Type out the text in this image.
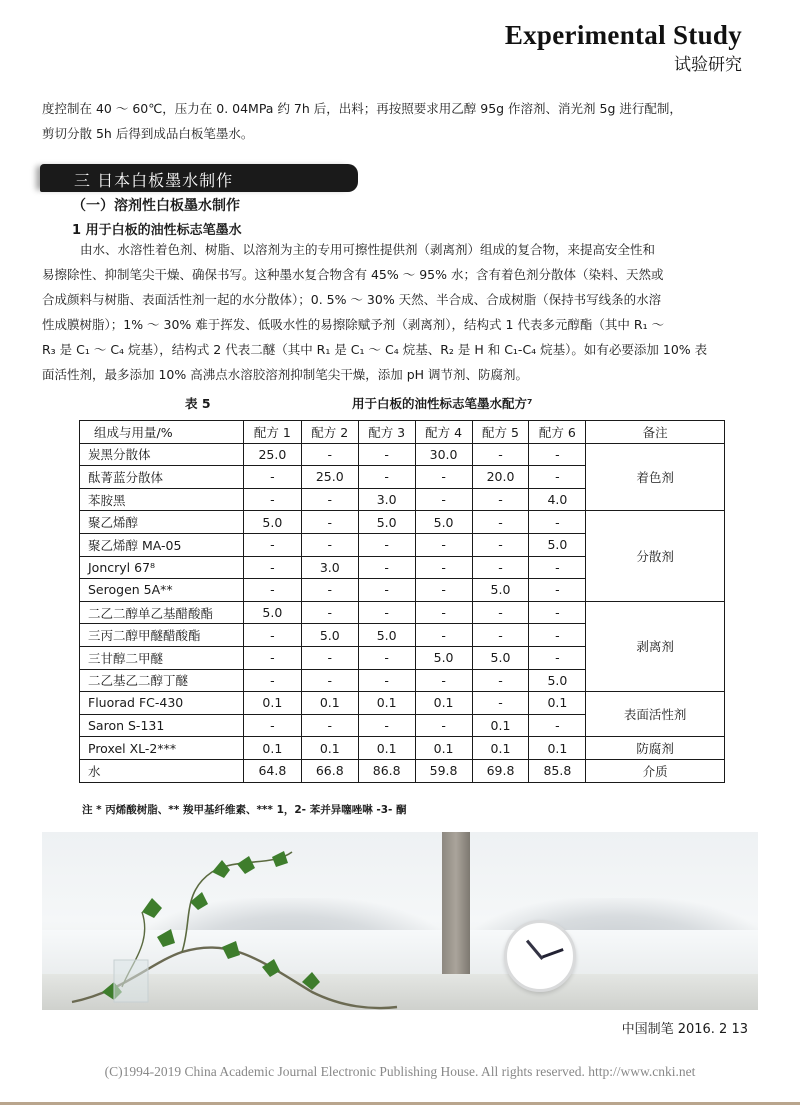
Experimental Study
试验研究
度控制在 40 ～ 60℃，压力在 0. 04MPa 约 7h 后，出料；再按照要求用乙醇 95g 作溶剂、消光剂 5g 进行配制，
剪切分散 5h 后得到成品白板笔墨水。
三 日本白板墨水制作
（一）溶剂性白板墨水制作
1 用于白板的油性标志笔墨水
由水、水溶性着色剂、树脂、以溶剂为主的专用可擦性提供剂（剥离剂）组成的复合物，来提高安全性和
易擦除性、抑制笔尖干燥、确保书写。这种墨水复合物含有 45% ～ 95% 水；含有着色剂分散体（染料、天然或
合成颜料与树脂、表面活性剂一起的水分散体）；0. 5% ～ 30% 天然、半合成、合成树脂（保持书写线条的水溶
性成膜树脂）；1% ～ 30% 难于挥发、低吸水性的易擦除赋予剂（剥离剂），结构式 1 代表多元醇酯（其中 R₁ ～
R₃ 是 C₁ ～ C₄ 烷基），结构式 2 代表二醚（其中 R₁ 是 C₁ ～ C₄ 烷基、R₂ 是 H 和 C₁-C₄ 烷基）。如有必要添加 10% 表
面活性剂，最多添加 10% 高沸点水溶胶溶剂抑制笔尖干燥，添加 pH 调节剂、防腐剂。
表 5	用于白板的油性标志笔墨水配方⁷
组成与用量/%	配方 1	配方 2	配方 3	配方 4	配方 5	配方 6	备注
炭黑分散体	25.0	-	-	30.0	-	-	着色剂
酞菁蓝分散体	-	25.0	-	-	20.0	-	
苯胺黑	-	-	3.0	-	-	4.0	
聚乙烯醇	5.0	-	5.0	5.0	-	-	分散剂
聚乙烯醇 MA-05	-	-	-	-	-	5.0	
Joncryl 67⁸	-	3.0	-	-	-	-	
Serogen 5A**	-	-	-	-	5.0	-	
二乙二醇单乙基醋酸酯	5.0	-	-	-	-	-	剥离剂
三丙二醇甲醚醋酸酯	-	5.0	5.0	-	-	-	
三甘醇二甲醚	-	-	-	5.0	5.0	-	
二乙基乙二醇丁醚	-	-	-	-	-	5.0	
Fluorad FC-430	0.1	0.1	0.1	0.1	-	0.1	表面活性剂
Saron S-131	-	-	-	-	0.1	-	
Proxel XL-2***	0.1	0.1	0.1	0.1	0.1	0.1	防腐剂
水	64.8	66.8	86.8	59.8	69.8	85.8	介质
注 * 丙烯酸树脂、** 羧甲基纤维素、*** 1，2- 苯并异噻唑啉 -3- 酮
中国制笔 2016. 2 13
(C)1994-2019 China Academic Journal Electronic Publishing House. All rights reserved. http://www.cnki.net
